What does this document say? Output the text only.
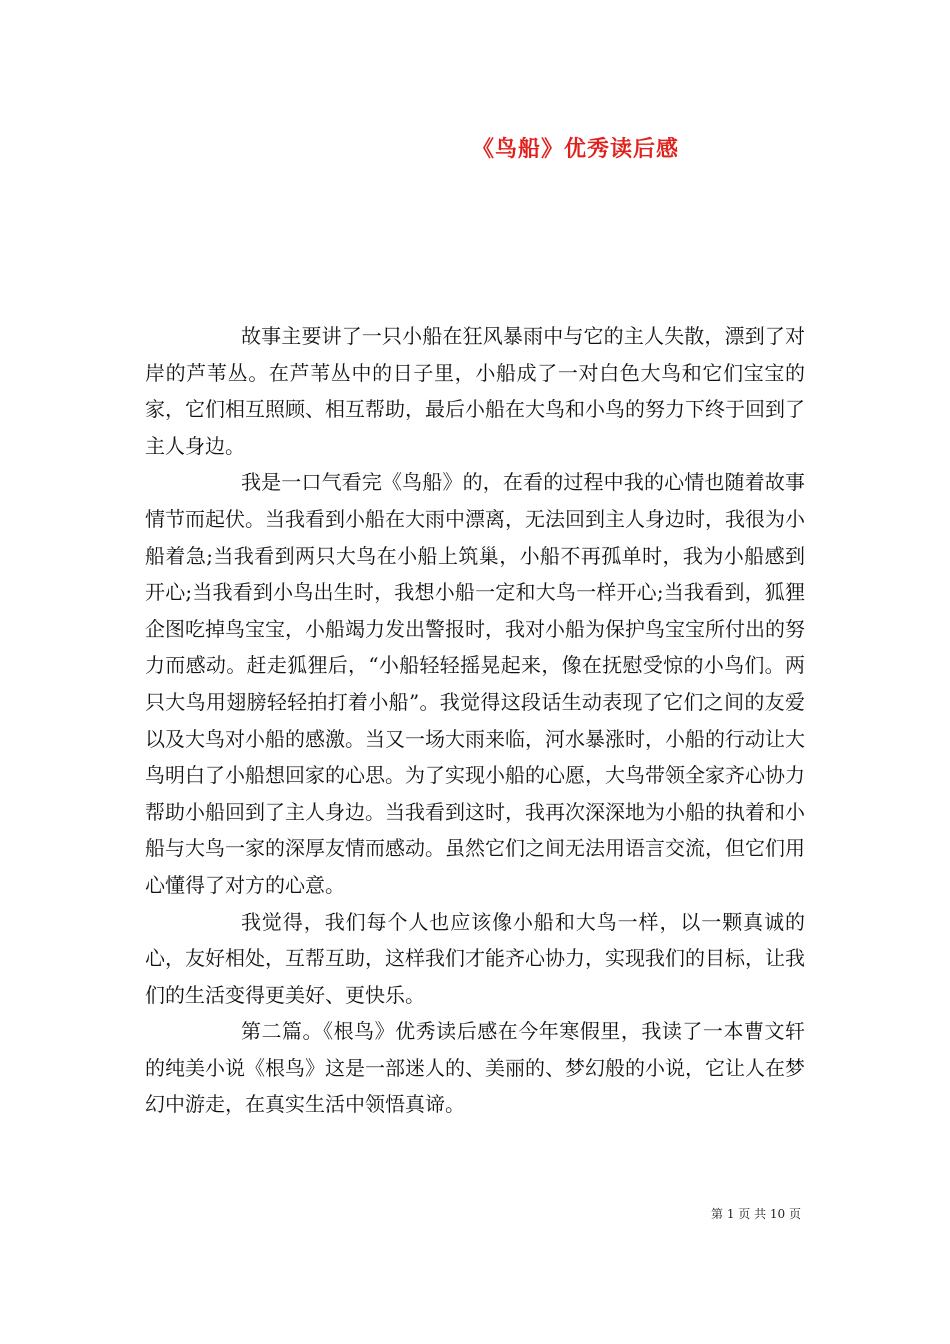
《鸟船》优秀读后感

故事主要讲了一只小船在狂风暴雨中与它的主人失散，漂到了对岸的芦苇丛。在芦苇丛中的日子里，小船成了一对白色大鸟和它们宝宝的家，它们相互照顾、相互帮助，最后小船在大鸟和小鸟的努力下终于回到了主人身边。

我是一口气看完《鸟船》的，在看的过程中我的心情也随着故事情节而起伏。当我看到小船在大雨中漂离，无法回到主人身边时，我很为小船着急;当我看到两只大鸟在小船上筑巢，小船不再孤单时，我为小船感到开心;当我看到小鸟出生时，我想小船一定和大鸟一样开心;当我看到，狐狸企图吃掉鸟宝宝，小船竭力发出警报时，我对小船为保护鸟宝宝所付出的努力而感动。赶走狐狸后，“小船轻轻摇晃起来，像在抚慰受惊的小鸟们。两只大鸟用翅膀轻轻拍打着小船”。我觉得这段话生动表现了它们之间的友爱以及大鸟对小船的感激。当又一场大雨来临，河水暴涨时，小船的行动让大鸟明白了小船想回家的心思。为了实现小船的心愿，大鸟带领全家齐心协力帮助小船回到了主人身边。当我看到这时，我再次深深地为小船的执着和小船与大鸟一家的深厚友情而感动。虽然它们之间无法用语言交流，但它们用心懂得了对方的心意。

我觉得，我们每个人也应该像小船和大鸟一样，以一颗真诚的心，友好相处，互帮互助，这样我们才能齐心协力，实现我们的目标，让我们的生活变得更美好、更快乐。

第二篇。《根鸟》优秀读后感在今年寒假里，我读了一本曹文轩的纯美小说《根鸟》这是一部迷人的、美丽的、梦幻般的小说，它让人在梦幻中游走，在真实生活中领悟真谛。

第 1 页 共 10 页
